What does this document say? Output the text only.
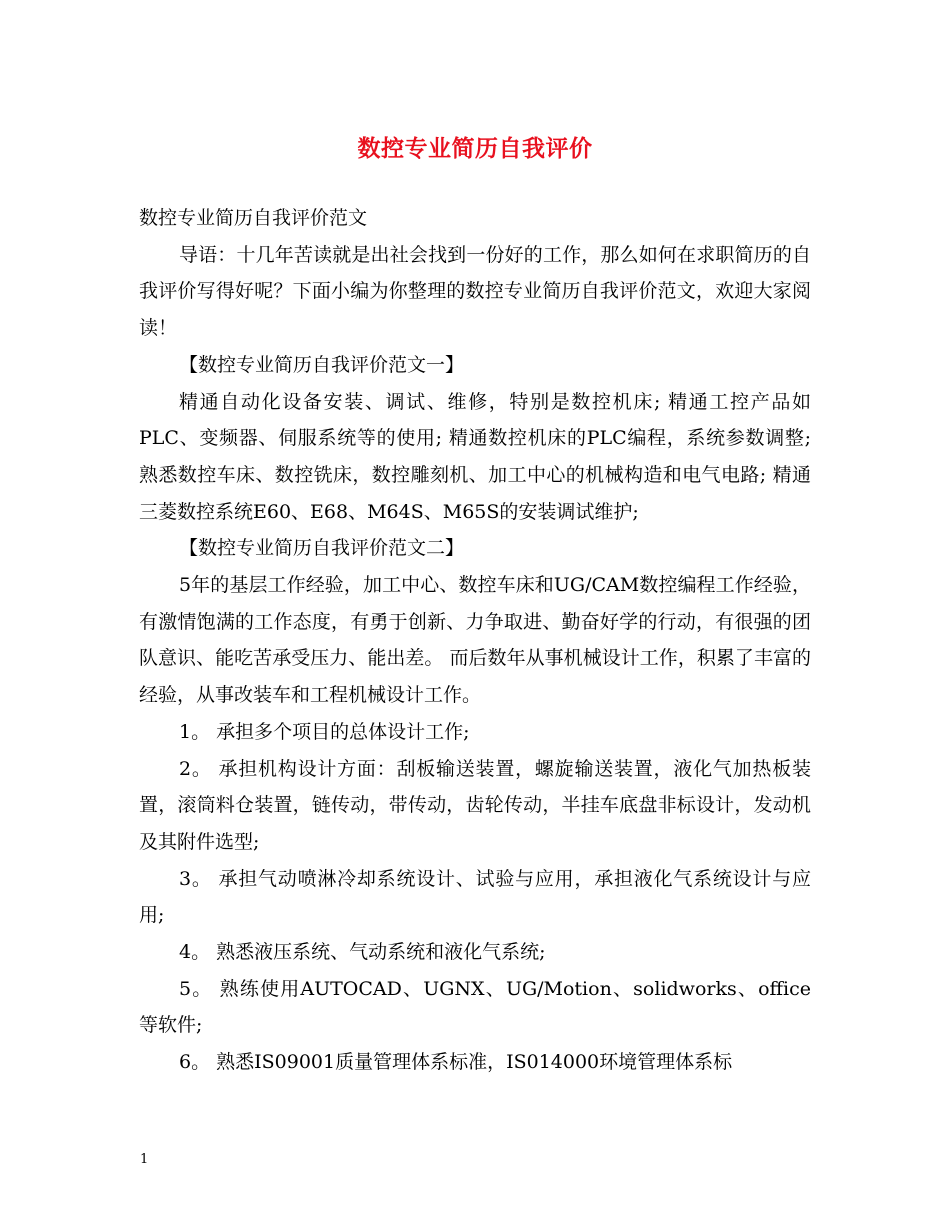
数控专业简历自我评价

数控专业简历自我评价范文

导语：十几年苦读就是出社会找到一份好的工作，那么如何在求职简历的自我评价写得好呢？下面小编为你整理的数控专业简历自我评价范文，欢迎大家阅读！

【数控专业简历自我评价范文一】

精通自动化设备安装、调试、维修，特别是数控机床; 精通工控产品如PLC、变频器、伺服系统等的使用; 精通数控机床的PLC编程，系统参数调整; 熟悉数控车床、数控铣床，数控雕刻机、加工中心的机械构造和电气电路; 精通三菱数控系统E60、E68、M64S、M65S的安装调试维护;

【数控专业简历自我评价范文二】

5年的基层工作经验，加工中心、数控车床和UG/CAM数控编程工作经验，有激情饱满的工作态度，有勇于创新、力争取进、勤奋好学的行动，有很强的团队意识、能吃苦承受压力、能出差。 而后数年从事机械设计工作，积累了丰富的经验，从事改装车和工程机械设计工作。

1。 承担多个项目的总体设计工作;

2。 承担机构设计方面：刮板输送装置，螺旋输送装置，液化气加热板装置，滚筒料仓装置，链传动，带传动，齿轮传动，半挂车底盘非标设计，发动机及其附件选型;

3。 承担气动喷淋冷却系统设计、试验与应用，承担液化气系统设计与应用;

4。 熟悉液压系统、气动系统和液化气系统;

5。 熟练使用AUTOCAD、UGNX、UG/Motion、solidworks、office等软件;

6。 熟悉IS09001质量管理体系标准，IS014000环境管理体系标

1
